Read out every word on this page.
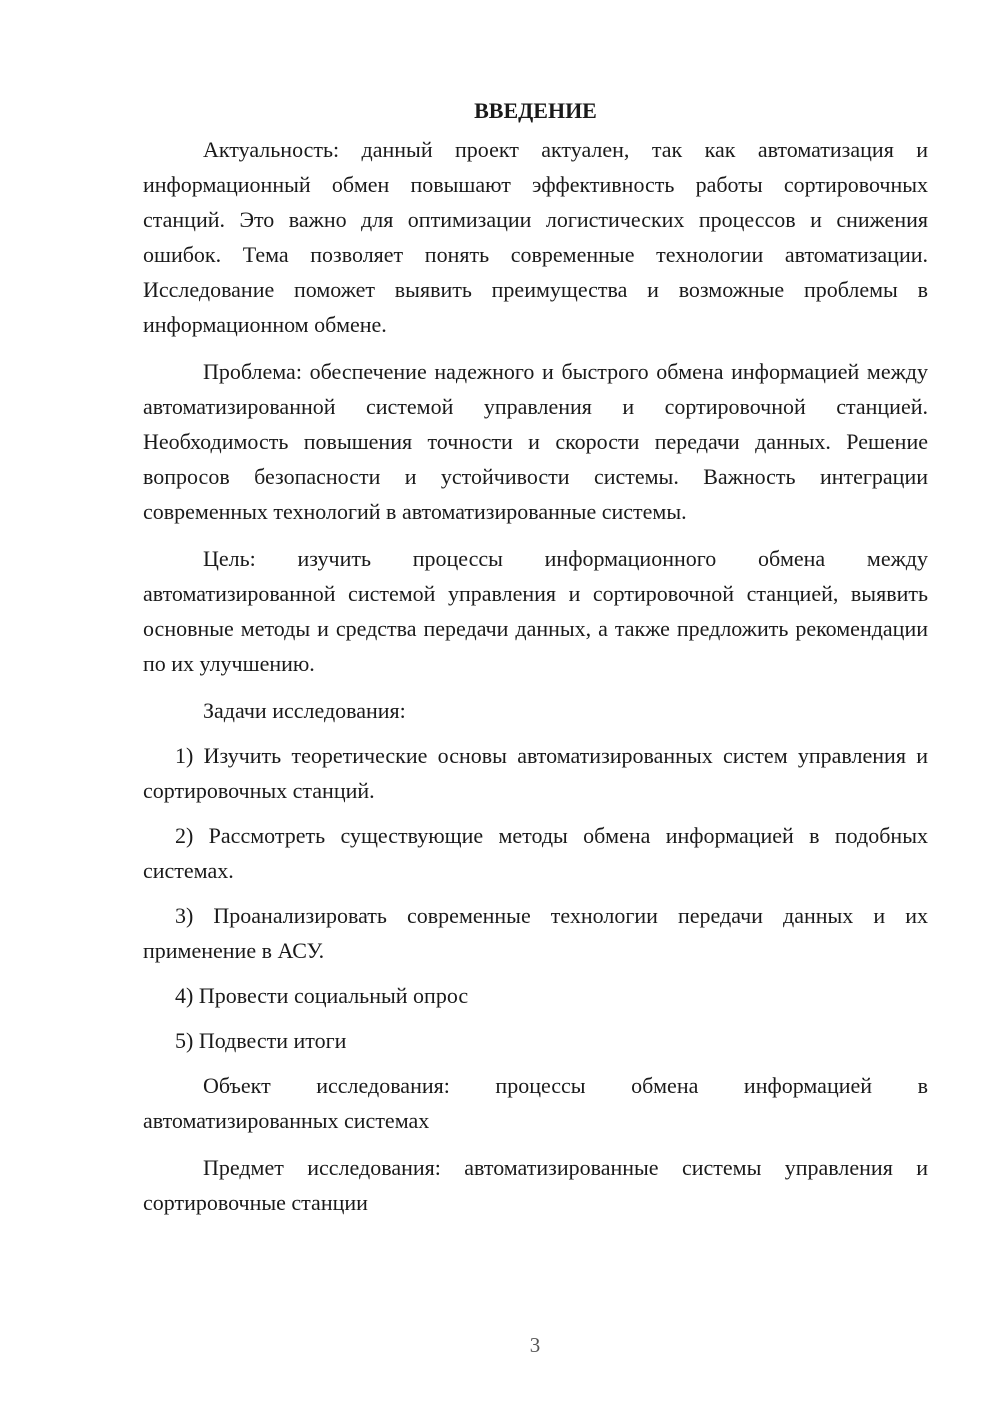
ВВЕДЕНИЕ

Актуальность: данный проект актуален, так как автоматизация и информационный обмен повышают эффективность работы сортировочных станций. Это важно для оптимизации логистических процессов и снижения ошибок. Тема позволяет понять современные технологии автоматизации. Исследование поможет выявить преимущества и возможные проблемы в информационном обмене.

Проблема: обеспечение надежного и быстрого обмена информацией между автоматизированной системой управления и сортировочной станцией. Необходимость повышения точности и скорости передачи данных. Решение вопросов безопасности и устойчивости системы. Важность интеграции современных технологий в автоматизированные системы.

Цель: изучить процессы информационного обмена между автоматизированной системой управления и сортировочной станцией, выявить основные методы и средства передачи данных, а также предложить рекомендации по их улучшению.

Задачи исследования:

1) Изучить теоретические основы автоматизированных систем управления и сортировочных станций.

2) Рассмотреть существующие методы обмена информацией в подобных системах.

3) Проанализировать современные технологии передачи данных и их применение в АСУ.

4) Провести социальный опрос

5) Подвести итоги

Объект исследования: процессы обмена информацией в автоматизированных системах

Предмет исследования: автоматизированные системы управления и сортировочные станции

3
